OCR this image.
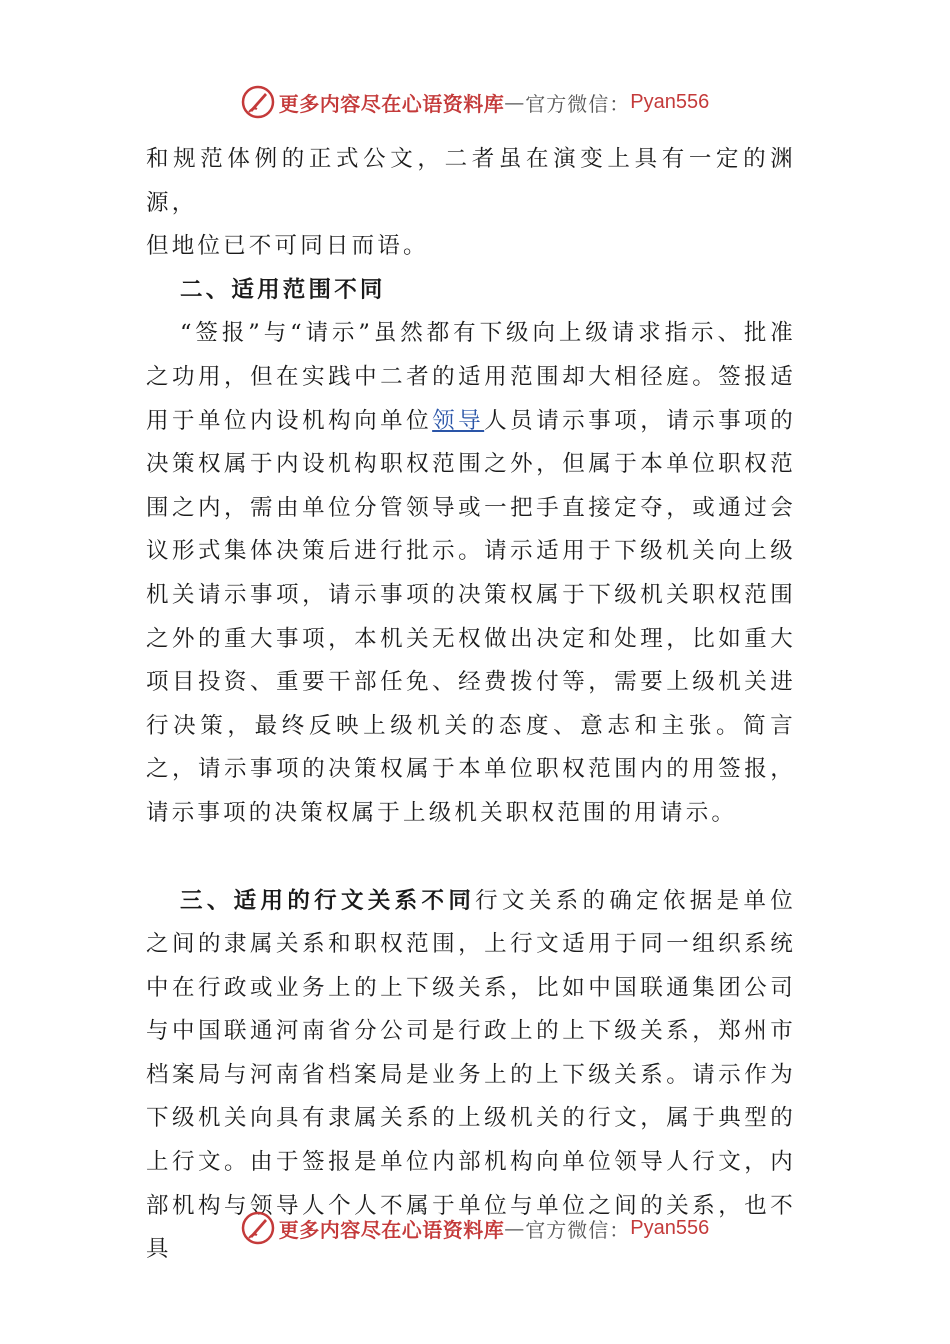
更多内容尽在心语资料库 — 官方微信： Pyan556

和规范体例的正式公文，二者虽在演变上具有一定的渊源，

但地位已不可同日而语。

二、适用范围不同

“签报”与“请示”虽然都有下级向上级请求指示、批准之功用，但在实践中二者的适用范围却大相径庭。签报适用于单位内设机构向单位领导人员请示事项，请示事项的决策权属于内设机构职权范围之外，但属于本单位职权范围之内，需由单位分管领导或一把手直接定夺，或通过会议形式集体决策后进行批示。请示适用于下级机关向上级机关请示事项，请示事项的决策权属于下级机关职权范围之外的重大事项，本机关无权做出决定和处理，比如重大项目投资、重要干部任免、经费拨付等，需要上级机关进行决策，最终反映上级机关的态度、意志和主张。简言之，请示事项的决策权属于本单位职权范围内的用签报，请示事项的决策权属于上级机关职权范围的用请示。

三、适用的行文关系不同行文关系的确定依据是单位之间的隶属关系和职权范围，上行文适用于同一组织系统中在行政或业务上的上下级关系，比如中国联通集团公司与中国联通河南省分公司是行政上的上下级关系，郑州市档案局与河南省档案局是业务上的上下级关系。请示作为下级机关向具有隶属关系的上级机关的行文，属于典型的上行文。由于签报是单位内部机构向单位领导人行文，内部机构与领导人个人不属于单位与单位之间的关系，也不具

更多内容尽在心语资料库 — 官方微信： Pyan556
